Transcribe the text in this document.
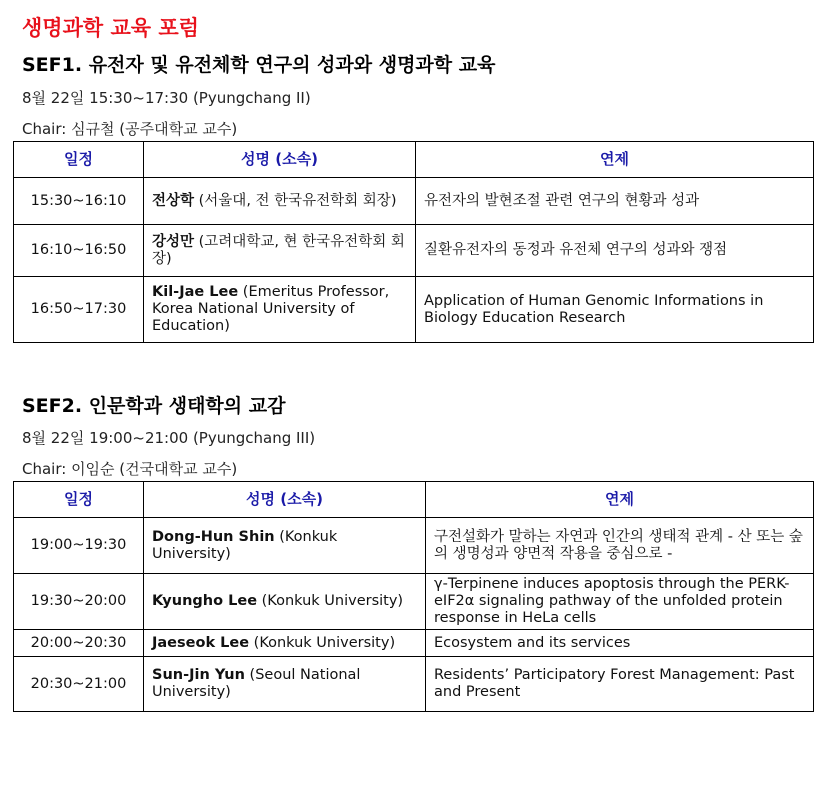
생명과학 교육 포럼
SEF1. 유전자 및 유전체학 연구의 성과와 생명과학 교육
8월 22일 15:30~17:30 (Pyungchang II)
Chair: 심규철 (공주대학교 교수)
일정	성명 (소속)	연제
15:30~16:10	전상학 (서울대, 전 한국유전학회 회장)	유전자의 발현조절 관련 연구의 현황과 성과
16:10~16:50	강성만 (고려대학교, 현 한국유전학회 회장)	질환유전자의 동정과 유전체 연구의 성과와 쟁점
16:50~17:30	Kil-Jae Lee (Emeritus Professor, Korea National University of Education)	Application of Human Genomic Informations in Biology Education Research
SEF2. 인문학과 생태학의 교감
8월 22일 19:00~21:00 (Pyungchang III)
Chair: 이임순 (건국대학교 교수)
일정	성명 (소속)	연제
19:00~19:30	Dong-Hun Shin (Konkuk University)	구전설화가 말하는 자연과 인간의 생태적 관계 - 산 또는 숲의 생명성과 양면적 작용을 중심으로 -
19:30~20:00	Kyungho Lee (Konkuk University)	γ-Terpinene induces apoptosis through the PERK-eIF2α signaling pathway of the unfolded protein response in HeLa cells
20:00~20:30	Jaeseok Lee (Konkuk University)	Ecosystem and its services
20:30~21:00	Sun-Jin Yun (Seoul National University)	Residents’ Participatory Forest Management: Past and Present
